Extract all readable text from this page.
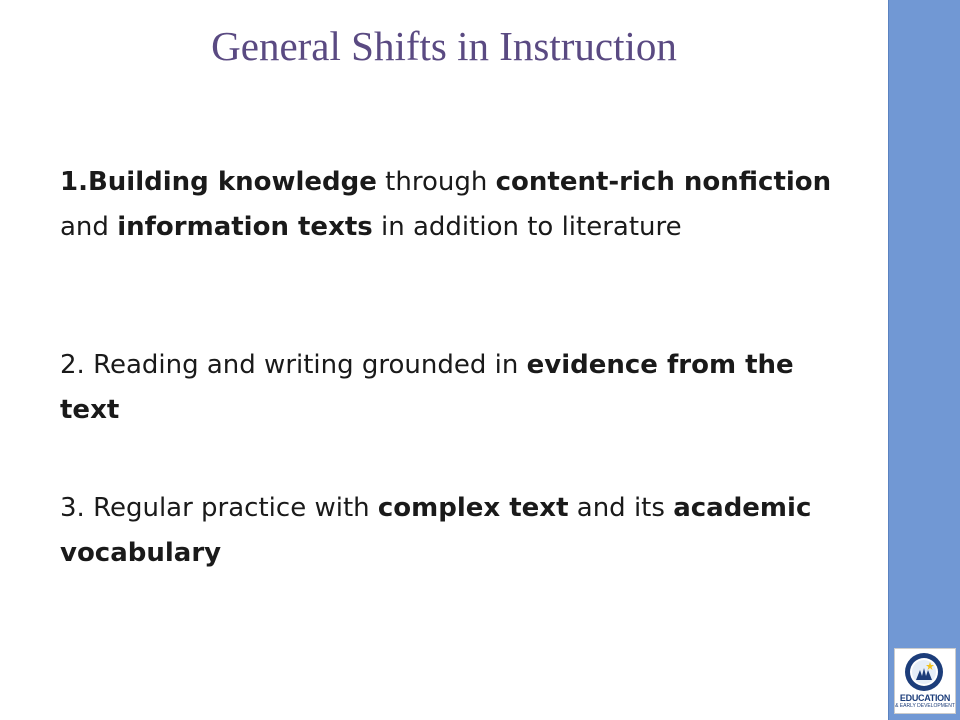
General Shifts in Instruction
1.Building knowledge through content-rich nonfiction and information texts in addition to literature
2. Reading and writing grounded in evidence from the text
3. Regular practice with complex text and its academic vocabulary
EDUCATION
& EARLY DEVELOPMENT
